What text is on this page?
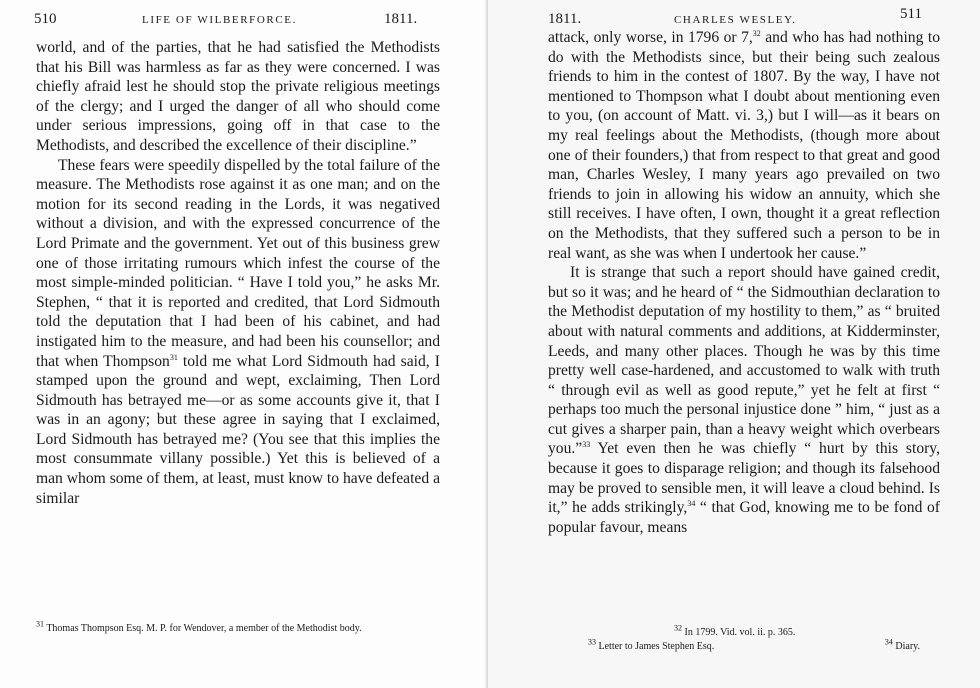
510	LIFE OF WILBERFORCE.	1811.

world, and of the parties, that he had satisfied the Methodists that his Bill was harmless as far as they were concerned. I was chiefly afraid lest he should stop the private religious meetings of the clergy; and I urged the danger of all who should come under serious impressions, going off in that case to the Methodists, and described the excellence of their discipline.”

These fears were speedily dispelled by the total failure of the measure. The Methodists rose against it as one man; and on the motion for its second reading in the Lords, it was negatived without a division, and with the expressed concurrence of the Lord Primate and the government. Yet out of this business grew one of those irritating rumours which infest the course of the most simple-minded politician. “ Have I told you,” he asks Mr. Stephen, “ that it is reported and credited, that Lord Sidmouth told the deputation that I had been of his cabinet, and had instigated him to the measure, and had been his counsellor; and that when Thompson$^{31}$ told me what Lord Sidmouth had said, I stamped upon the ground and wept, exclaiming, Then Lord Sidmouth has betrayed me—or as some accounts give it, that I was in an agony; but these agree in saying that I exclaimed, Lord Sidmouth has betrayed me? (You see that this implies the most consummate villany possible.) Yet this is believed of a man whom some of them, at least, must know to have defeated a similar

$^{31}$ Thomas Thompson Esq. M. P. for Wendover, a member of the Methodist body.

1811.	CHARLES WESLEY.	511

attack, only worse, in 1796 or 7,32 and who has had nothing to do with the Methodists since, but their being such zealous friends to him in the contest of 1807. By the way, I have not mentioned to Thompson what I doubt about mentioning even to you, (on account of Matt. vi. 3,) but I will—as it bears on my real feelings about the Methodists, (though more about one of their founders,) that from respect to that great and good man, Charles Wesley, I many years ago prevailed on two friends to join in allowing his widow an annuity, which she still receives. I have often, I own, thought it a great reflection on the Methodists, that they suffered such a person to be in real want, as she was when I undertook her cause.”

It is strange that such a report should have gained credit, but so it was; and he heard of “ the Sidmouthian declaration to the Methodist deputation of my hostility to them,” as “ bruited about with natural comments and additions, at Kidderminster, Leeds, and many other places. Though he was by this time pretty well case-hardened, and accustomed to walk with truth “ through evil as well as good repute,” yet he felt at first “ perhaps too much the personal injustice done ” him, “ just as a cut gives a sharper pain, than a heavy weight which overbears you.”$^{33}$ Yet even then he was chiefly “ hurt by this story, because it goes to disparage religion; and though its falsehood may be proved to sensible men, it will leave a cloud behind. Is it,” he adds strikingly,$^{34}$ “ that God, knowing me to be fond of popular favour, means

$^{32}$ In 1799. Vid. vol. ii. p. 365.

$^{33}$ Letter to James Stephen Esq.	$^{34}$ Diary.
